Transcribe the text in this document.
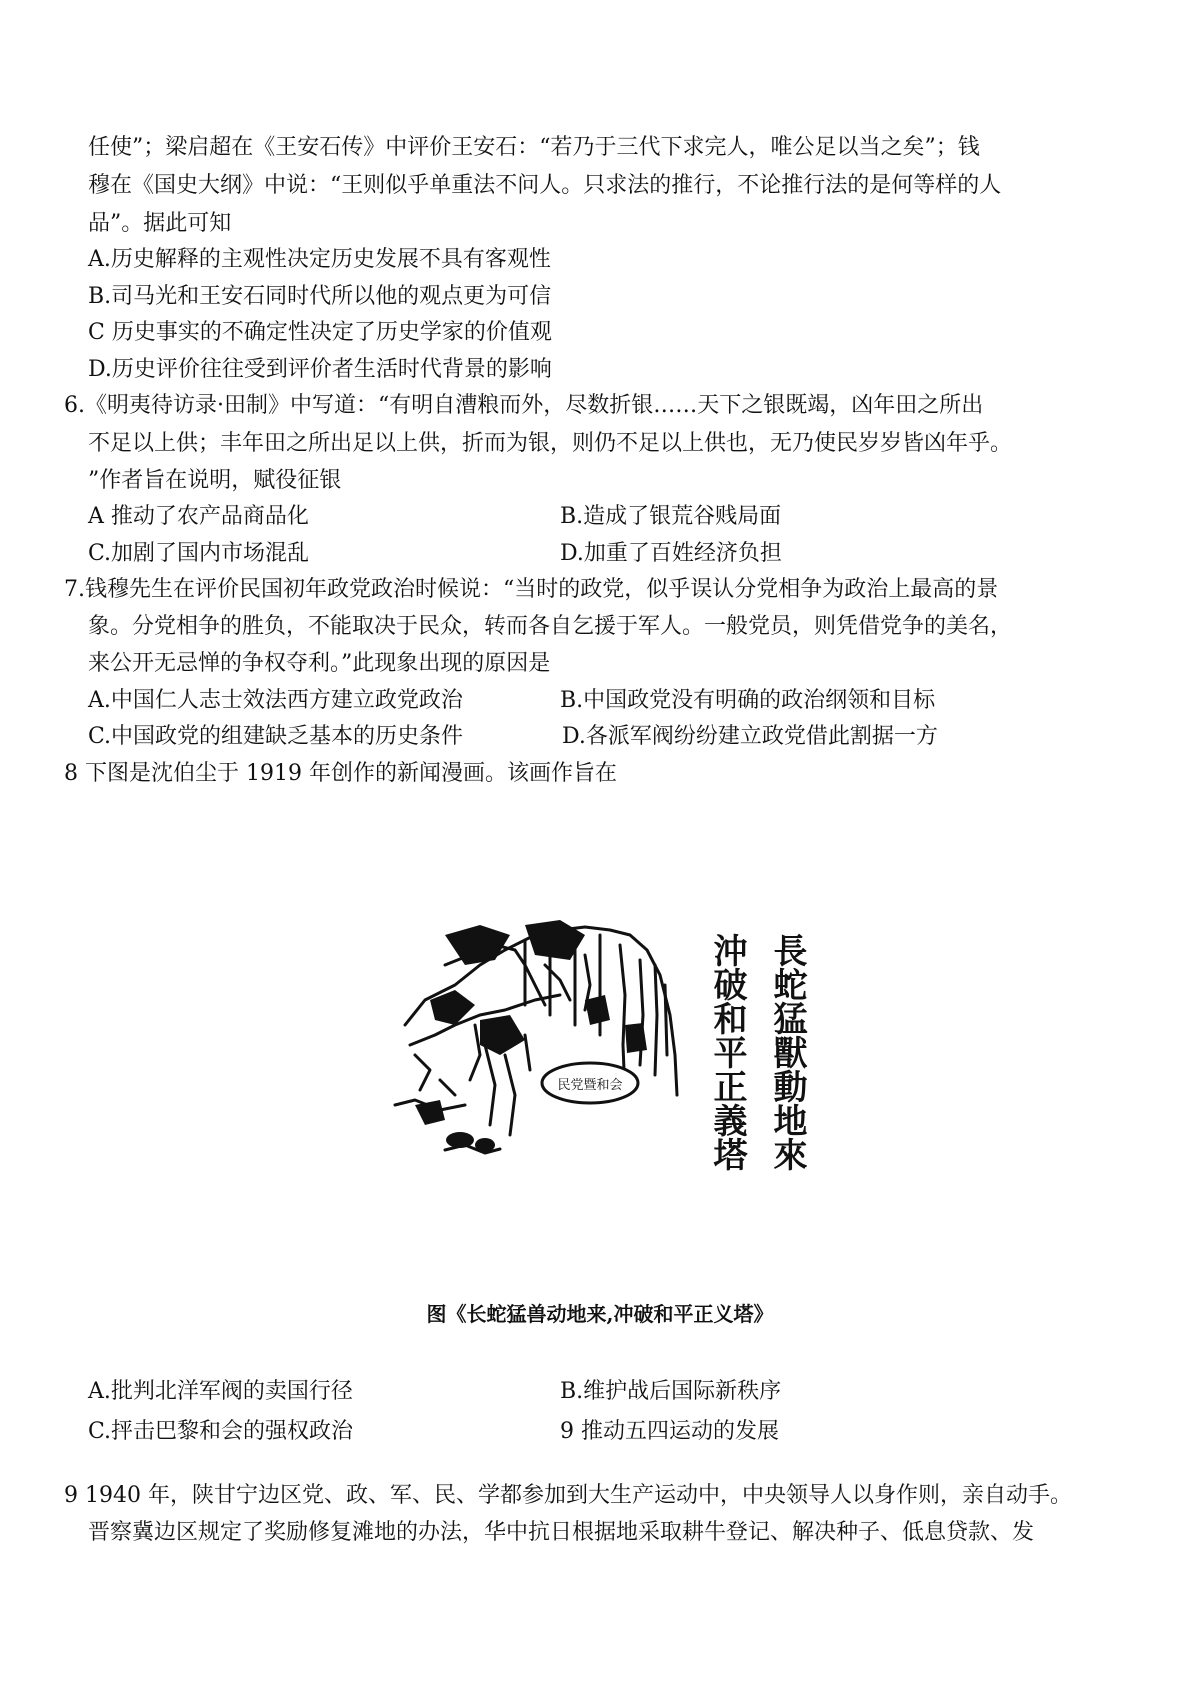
任使”；梁启超在《王安石传》中评价王安石：“若乃于三代下求完人，唯公足以当之矣”；钱
穆在《国史大纲》中说：“王则似乎单重法不问人。只求法的推行，不论推行法的是何等样的人
品”。据此可知
A.历史解释的主观性决定历史发展不具有客观性
B.司马光和王安石同时代所以他的观点更为可信
C 历史事实的不确定性决定了历史学家的价值观
D.历史评价往往受到评价者生活时代背景的影响
6.《明夷待访录·田制》中写道：“有明自漕粮而外，尽数折银……天下之银既竭，凶年田之所出
不足以上供；丰年田之所出足以上供，折而为银，则仍不足以上供也，无乃使民岁岁皆凶年乎。
”作者旨在说明，赋役征银
A 推动了农产品商品化	B.造成了银荒谷贱局面
C.加剧了国内市场混乱	D.加重了百姓经济负担
7.钱穆先生在评价民国初年政党政治时候说：“当时的政党，似乎误认分党相争为政治上最高的景
象。分党相争的胜负，不能取决于民众，转而各自乞援于军人。一般党员，则凭借党争的美名，
来公开无忌惮的争权夺利。”此现象出现的原因是
A.中国仁人志士效法西方建立政党政治	B.中国政党没有明确的政治纲领和目标
C.中国政党的组建缺乏基本的历史条件	D.各派军阀纷纷建立政党借此割据一方
8 下图是沈伯尘于 1919 年创作的新闻漫画。该画作旨在
民党暨和会	長蛇猛獸動地來
沖破和平正義塔
图《长蛇猛兽动地来,冲破和平正义塔》
A.批判北洋军阀的卖国行径	B.维护战后国际新秩序
C.抨击巴黎和会的强权政治	9 推动五四运动的发展
9 1940 年，陕甘宁边区党、政、军、民、学都参加到大生产运动中，中央领导人以身作则，亲自动手。
晋察冀边区规定了奖励修复滩地的办法，华中抗日根据地采取耕牛登记、解决种子、低息贷款、发
